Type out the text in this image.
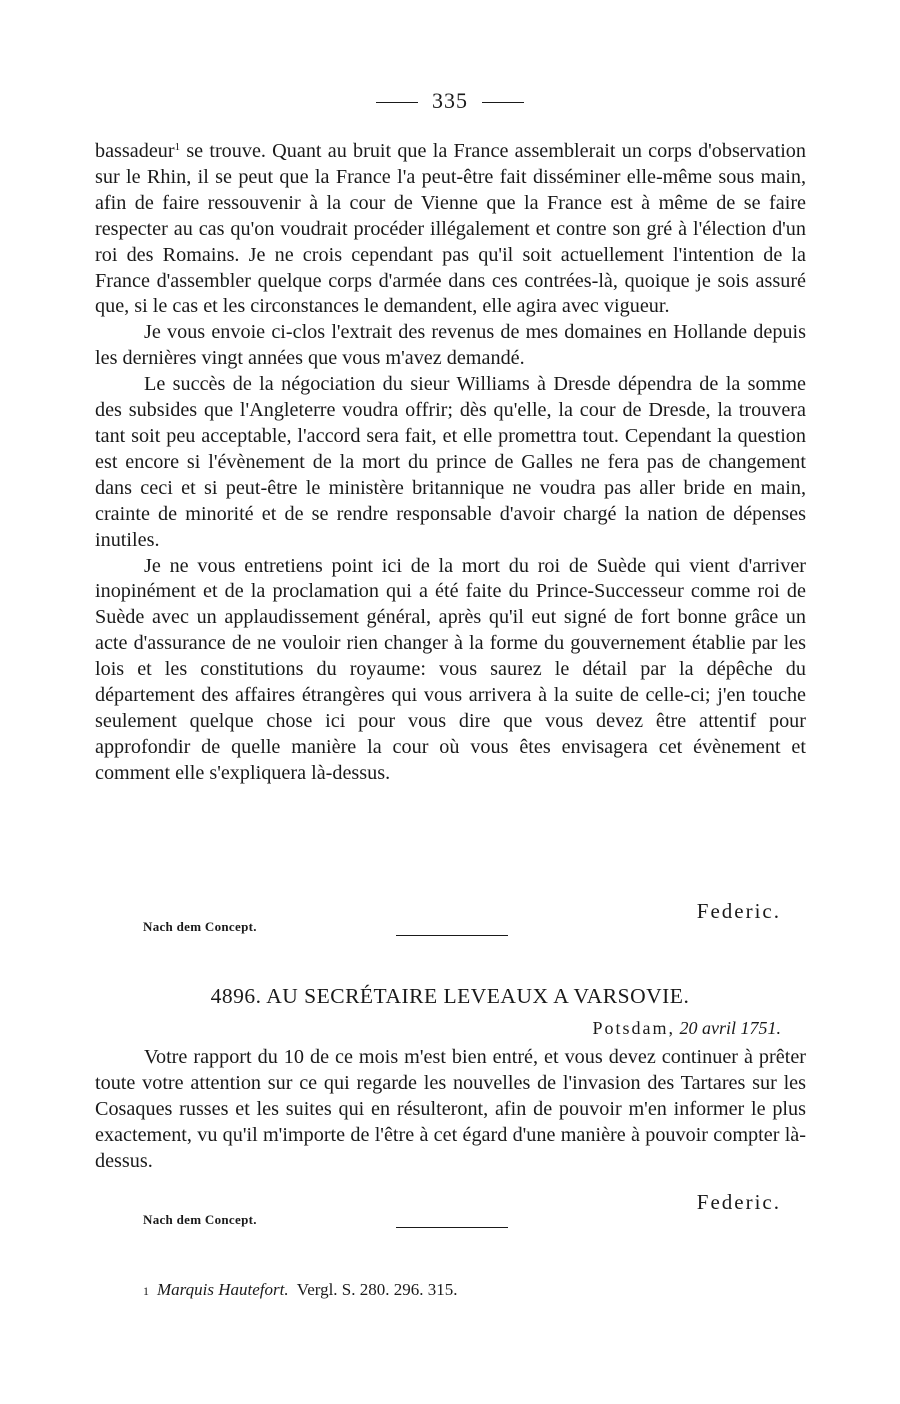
335

bassadeur$^1$ se trouve. Quant au bruit que la France assemblerait un corps d'observation sur le Rhin, il se peut que la France l'a peut-être fait disséminer elle-même sous main, afin de faire ressouvenir à la cour de Vienne que la France est à même de se faire respecter au cas qu'on voudrait procéder illégalement et contre son gré à l'élection d'un roi des Romains. Je ne crois cependant pas qu'il soit actuellement l'intention de la France d'assembler quelque corps d'armée dans ces contrées-là, quoique je sois assuré que, si le cas et les circonstances le demandent, elle agira avec vigueur.

Je vous envoie ci-clos l'extrait des revenus de mes domaines en Hollande depuis les dernières vingt années que vous m'avez demandé.

Le succès de la négociation du sieur Williams à Dresde dépendra de la somme des subsides que l'Angleterre voudra offrir; dès qu'elle, la cour de Dresde, la trouvera tant soit peu acceptable, l'accord sera fait, et elle promettra tout. Cependant la question est encore si l'évènement de la mort du prince de Galles ne fera pas de changement dans ceci et si peut-être le ministère britannique ne voudra pas aller bride en main, crainte de minorité et de se rendre responsable d'avoir chargé la nation de dépenses inutiles.

Je ne vous entretiens point ici de la mort du roi de Suède qui vient d'arriver inopinément et de la proclamation qui a été faite du Prince-Successeur comme roi de Suède avec un applaudissement général, après qu'il eut signé de fort bonne grâce un acte d'assurance de ne vouloir rien changer à la forme du gouvernement établie par les lois et les constitutions du royaume: vous saurez le détail par la dépêche du département des affaires étrangères qui vous arrivera à la suite de celle-ci; j'en touche seulement quelque chose ici pour vous dire que vous devez être attentif pour approfondir de quelle manière la cour où vous êtes envisagera cet évènement et comment elle s'expliquera là-dessus.

Federic.
Nach dem Concept.
4896. AU SECRÉTAIRE LEVEAUX A VARSOVIE.
Potsdam, 20 avril 1751.

Votre rapport du 10 de ce mois m'est bien entré, et vous devez continuer à prêter toute votre attention sur ce qui regarde les nouvelles de l'invasion des Tartares sur les Cosaques russes et les suites qui en résulteront, afin de pouvoir m'en informer le plus exactement, vu qu'il m'importe de l'être à cet égard d'une manière à pouvoir compter là-dessus.

Federic.
Nach dem Concept.
1 Marquis Hautefort. Vergl. S. 280. 296. 315.
